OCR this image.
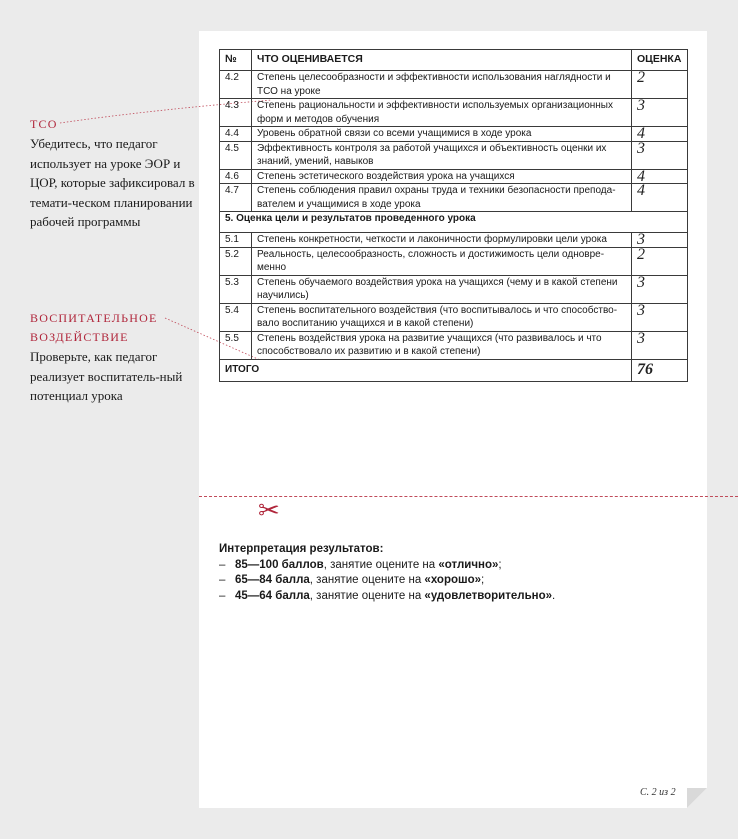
ТСО
Убедитесь, что педагог использует на уроке ЭОР и ЦОР, которые зафиксировал в темати-ческом планировании рабочей программы
ВОСПИТАТЕЛЬНОЕ ВОЗДЕЙСТВИЕ
Проверьте, как педагог реализует воспитатель-ный потенциал урока
№	ЧТО ОЦЕНИВАЕТСЯ	ОЦЕНКА
4.2	Степень целесообразности и эффективности использования наглядности и ТСО на уроке	2
4.3	Степень рациональности и эффективности используемых организационных форм и методов обучения	3
4.4	Уровень обратной связи со всеми учащимися в ходе урока	4
4.5	Эффективность контроля за работой учащихся и объективность оценки их знаний, умений, навыков	3
4.6	Степень эстетического воздействия урока на учащихся	4
4.7	Степень соблюдения правил охраны труда и техники безопасности препода-вателем и учащимися в ходе урока	4
5. Оценка цели и результатов проведенного урока		
5.1	Степень конкретности, четкости и лаконичности формулировки цели урока	3
5.2	Реальность, целесообразность, сложность и достижимость цели одновре-менно	2
5.3	Степень обучаемого воздействия урока на учащихся (чему и в какой степени научились)	3
5.4	Степень воспитательного воздействия (что воспитывалось и что способство-вало воспитанию учащихся и в какой степени)	3
5.5	Степень воздействия урока на развитие учащихся (что развивалось и что способствовало их развитию и в какой степени)	3
ИТОГО		76
✂
Интерпретация результатов:
– 85—100 баллов, занятие оцените на «отлично»;
– 65—84 балла, занятие оцените на «хорошо»;
– 45—64 балла, занятие оцените на «удовлетворительно».
С. 2 из 2
